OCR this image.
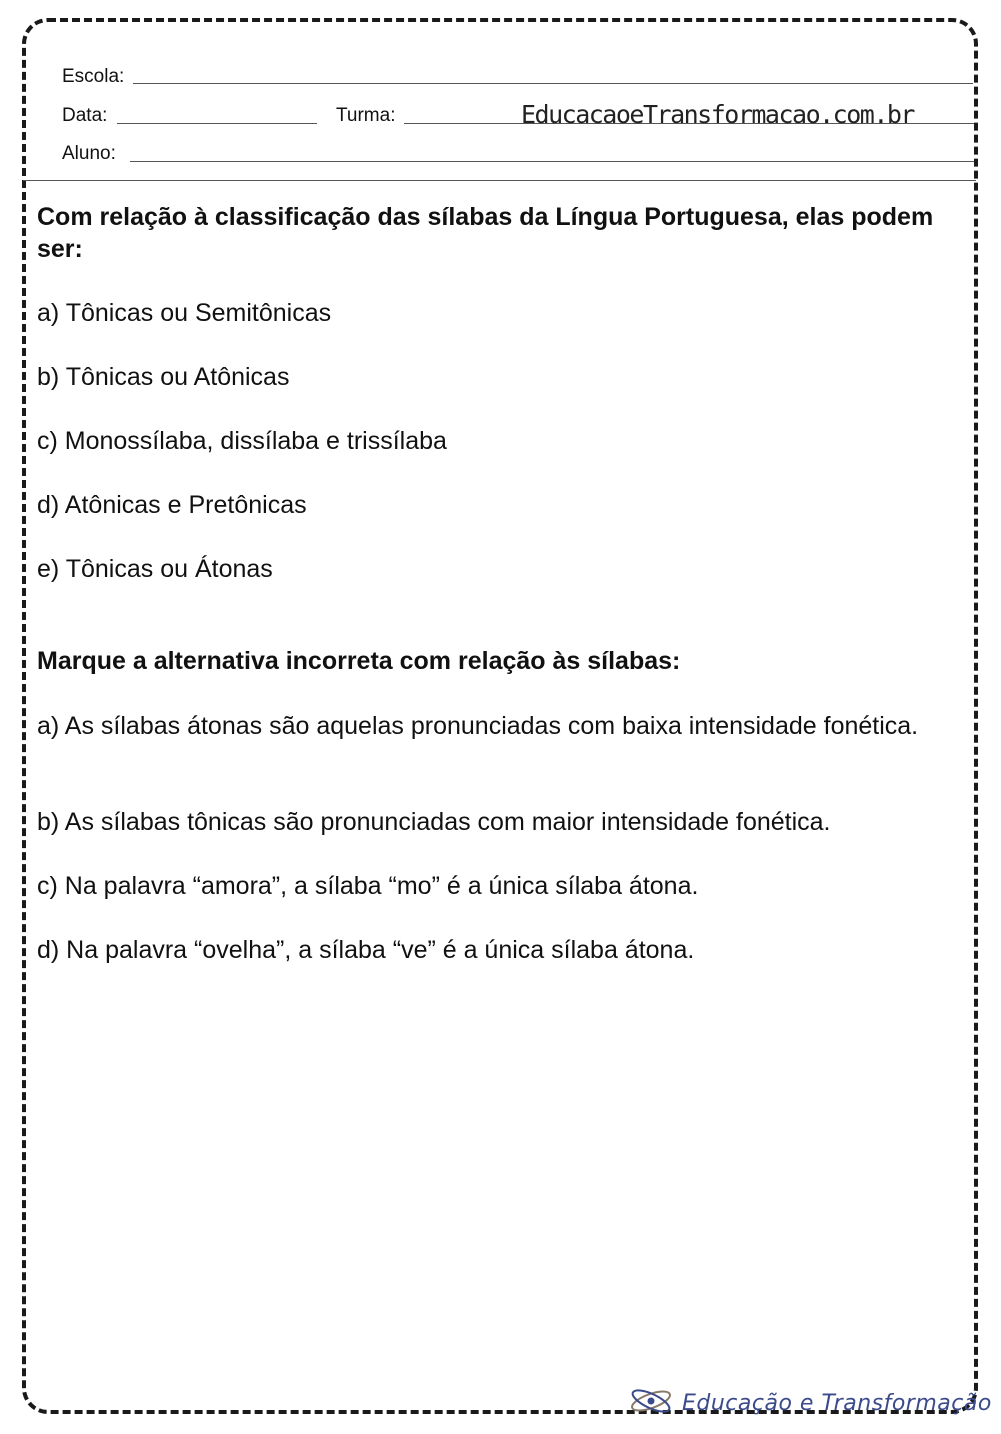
Escola:
Data:	Turma:	EducacaoeTransformacao.com.br
Aluno:
Com relação à classificação das sílabas da Língua Portuguesa, elas podem ser:
a) Tônicas ou Semitônicas
b) Tônicas ou Atônicas
c) Monossílaba, dissílaba e trissílaba
d) Atônicas e Pretônicas
e) Tônicas ou Átonas
Marque a alternativa incorreta com relação às sílabas:
a) As sílabas átonas são aquelas pronunciadas com baixa intensidade fonética.
b) As sílabas tônicas são pronunciadas com maior intensidade fonética.
c) Na palavra “amora”, a sílaba “mo” é a única sílaba átona.
d) Na palavra “ovelha”, a sílaba “ve” é a única sílaba átona.
Educação e Transformação
